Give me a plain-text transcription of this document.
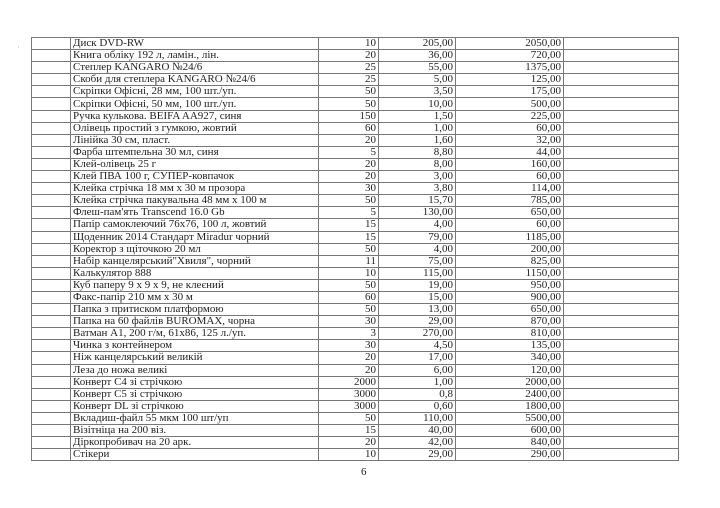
·
		Диск DVD-RW	10	205,00	2050,00	
	Книга обліку 192 л, ламін., лін.	20	36,00	720,00	
	Степлер KANGARO №24/6	25	55,00	1375,00	
	Скоби для степлера KANGARO №24/6	25	5,00	125,00	
	Скріпки Офісні, 28 мм, 100 шт./уп.	50	3,50	175,00	
	Скріпки Офісні, 50 мм, 100 шт./уп.	50	10,00	500,00	
	Ручка кулькова. BEIFA AA927, синя	150	1,50	225,00	
	Олівець простий з гумкою, жовтий	60	1,00	60,00	
	Лінійка 30 см, пласт.	20	1,60	32,00	
	Фарба штемпельна 30 мл, синя	5	8,80	44,00	
	Клей-олівець 25 г	20	8,00	160,00	
	Клей ПВА 100 г, СУПЕР-ковпачок	20	3,00	60,00	
	Клейка стрічка 18 мм х 30 м прозора	30	3,80	114,00	
	Клейка стрічка пакувальна 48 мм х 100 м	50	15,70	785,00	
	Флеш-пам'ять Transcend 16.0 Gb	5	130,00	650,00	
	Папір самоклеючий 76х76, 100 л, жовтий	15	4,00	60,00	
	Щоденник 2014 Стандарт Miradur чорний	15	79,00	1185,00	
	Коректор з щіточкою 20 мл	50	4,00	200,00	
	Набір канцелярський"Хвиля", чорний	11	75,00	825,00	
	Калькулятор 888	10	115,00	1150,00	
	Куб паперу 9 х 9 х 9, не клеєний	50	19,00	950,00	
	Факс-папір 210 мм х 30 м	60	15,00	900,00	
	Папка з притиском платформою	50	13,00	650,00	
	Папка на 60 файлів BUROMAX, чорна	30	29,00	870,00	
	Ватман А1, 200 г/м, 61х86, 125 л./уп.	3	270,00	810,00	
	Чинка з контейнером	30	4,50	135,00	
	Ніж канцелярський великій	20	17,00	340,00	
	Леза до ножа великі	20	6,00	120,00	
	Конверт С4 зі стрічкою	2000	1,00	2000,00	
	Конверт С5 зі стрічкою	3000	0,8	2400,00	
	Конверт DL зі стрічкою	3000	0,60	1800,00	
	Вкладиш-файл 55 мкм 100 шт/уп	50	110,00	5500,00	
	Візітніца на 200 віз.	15	40,00	600,00	
	Діркопробивач на 20 арк.	20	42,00	840,00	
	Стікери	10	29,00	290,00	
6
